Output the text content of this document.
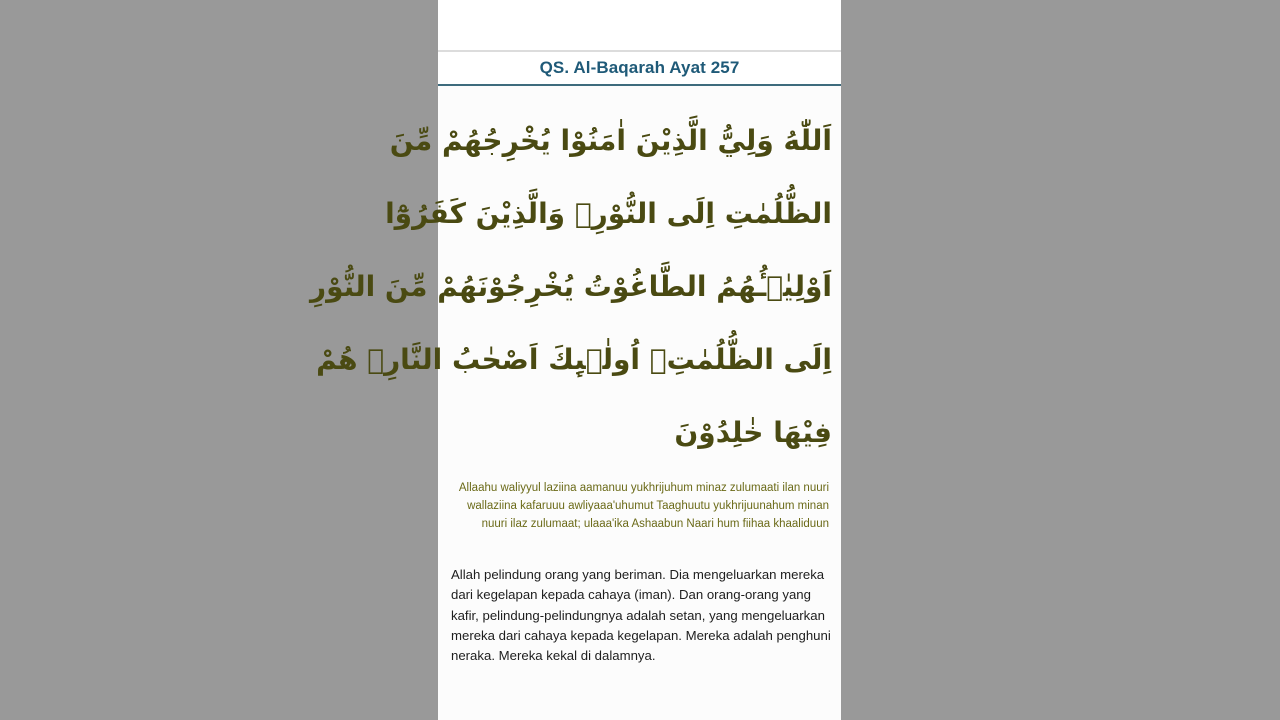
QS. Al-Baqarah Ayat 257
اَللّٰهُ وَلِيُّ الَّذِيْنَ اٰمَنُوْا يُخْرِجُهُمْ مِّنَ
الظُّلُمٰتِ اِلَى النُّوْرِۗ وَالَّذِيْنَ كَفَرُوْٓا
اَوْلِيٰۤـُٔهُمُ الطَّاغُوْتُ يُخْرِجُوْنَهُمْ مِّنَ النُّوْرِ
اِلَى الظُّلُمٰتِۗ اُولٰۤىِٕكَ اَصْحٰبُ النَّارِۚ هُمْ
فِيْهَا خٰلِدُوْنَ
Allaahu waliyyul laziina aamanuu yukhrijuhum minaz zulumaati ilan nuuri wallaziina kafaruuu awliyaaa'uhumut Taaghuutu yukhrijuunahum minan nuuri ilaz zulumaat; ulaaa'ika Ashaabun Naari hum fiihaa khaaliduun
Allah pelindung orang yang beriman. Dia mengeluarkan mereka dari kegelapan kepada cahaya (iman). Dan orang-orang yang kafir, pelindung-pelindungnya adalah setan, yang mengeluarkan mereka dari cahaya kepada kegelapan. Mereka adalah penghuni neraka. Mereka kekal di dalamnya.
